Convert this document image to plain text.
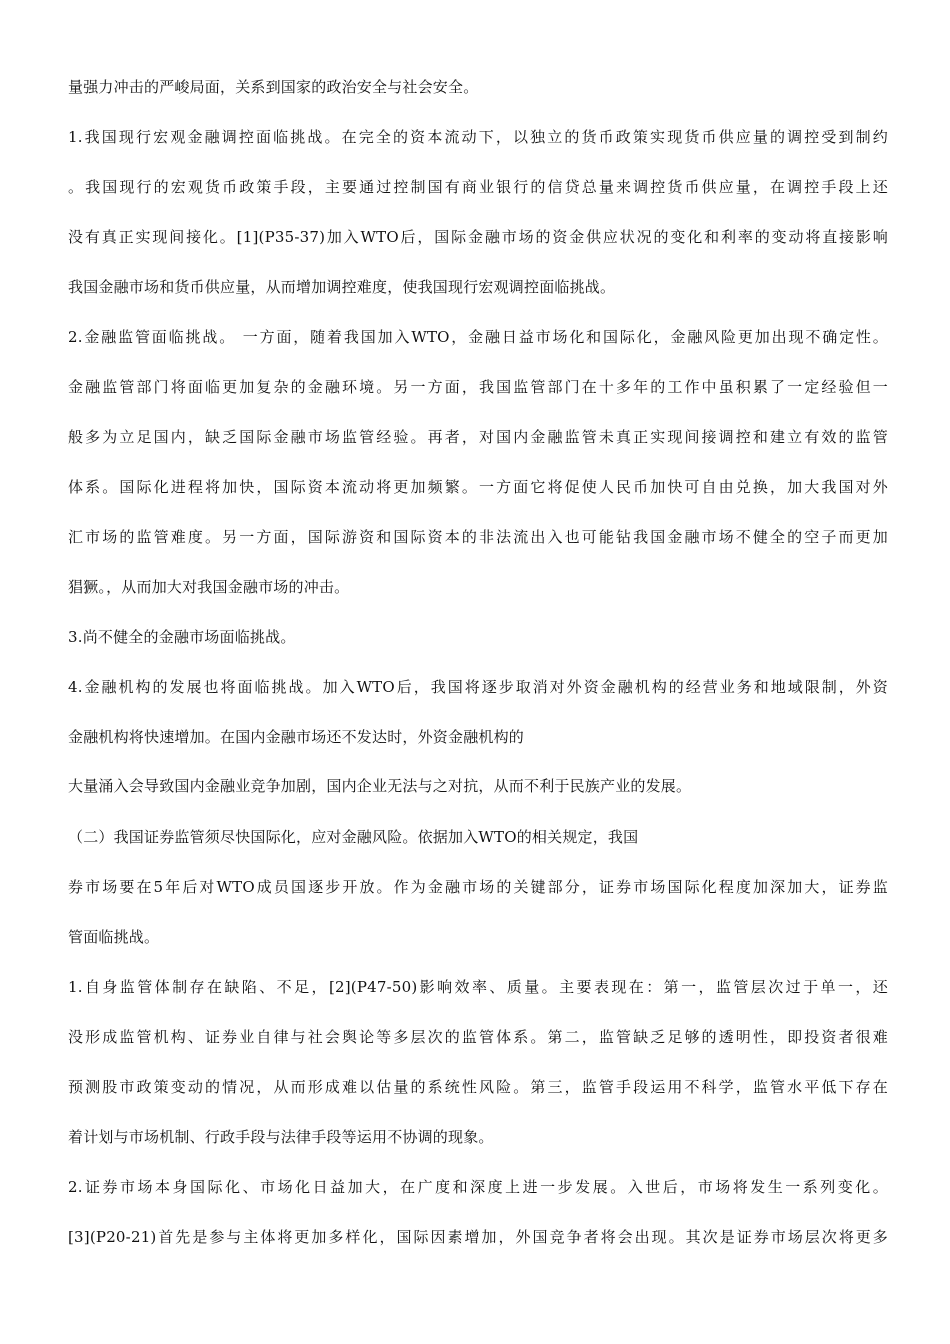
量强力冲击的严峻局面，关系到国家的政治安全与社会安全。
1.我国现行宏观金融调控面临挑战。在完全的资本流动下，以独立的货币政策实现货币供应量的调控受到制约
。我国现行的宏观货币政策手段，主要通过控制国有商业银行的信贷总量来调控货币供应量，在调控手段上还
没有真正实现间接化。[1](P35-37)加入WTO后，国际金融市场的资金供应状况的变化和利率的变动将直接影响
我国金融市场和货币供应量，从而增加调控难度，使我国现行宏观调控面临挑战。
2.金融监管面临挑战。 一方面，随着我国加入WTO，金融日益市场化和国际化，金融风险更加出现不确定性。
金融监管部门将面临更加复杂的金融环境。另一方面，我国监管部门在十多年的工作中虽积累了一定经验但一
般多为立足国内，缺乏国际金融市场监管经验。再者，对国内金融监管未真正实现间接调控和建立有效的监管
体系。国际化进程将加快，国际资本流动将更加频繁。一方面它将促使人民币加快可自由兑换，加大我国对外
汇市场的监管难度。另一方面，国际游资和国际资本的非法流出入也可能钻我国金融市场不健全的空子而更加
猖獗。，从而加大对我国金融市场的冲击。
3.尚不健全的金融市场面临挑战。
4.金融机构的发展也将面临挑战。加入WTO后，我国将逐步取消对外资金融机构的经营业务和地域限制，外资
金融机构将快速增加。在国内金融市场还不发达时，外资金融机构的
大量涌入会导致国内金融业竞争加剧，国内企业无法与之对抗，从而不利于民族产业的发展。
（二）我国证券监管须尽快国际化，应对金融风险。依据加入WTO的相关规定，我国
券市场要在5年后对WTO成员国逐步开放。作为金融市场的关键部分，证券市场国际化程度加深加大，证券监
管面临挑战。
1.自身监管体制存在缺陷、不足，[2](P47-50)影响效率、质量。主要表现在：第一，监管层次过于单一，还
没形成监管机构、证券业自律与社会舆论等多层次的监管体系。第二，监管缺乏足够的透明性，即投资者很难
预测股市政策变动的情况，从而形成难以估量的系统性风险。第三，监管手段运用不科学，监管水平低下存在
着计划与市场机制、行政手段与法律手段等运用不协调的现象。
2.证券市场本身国际化、市场化日益加大，在广度和深度上进一步发展。入世后，市场将发生一系列变化。
[3](P20-21)首先是参与主体将更加多样化，国际因素增加，外国竞争者将会出现。其次是证券市场层次将更多
